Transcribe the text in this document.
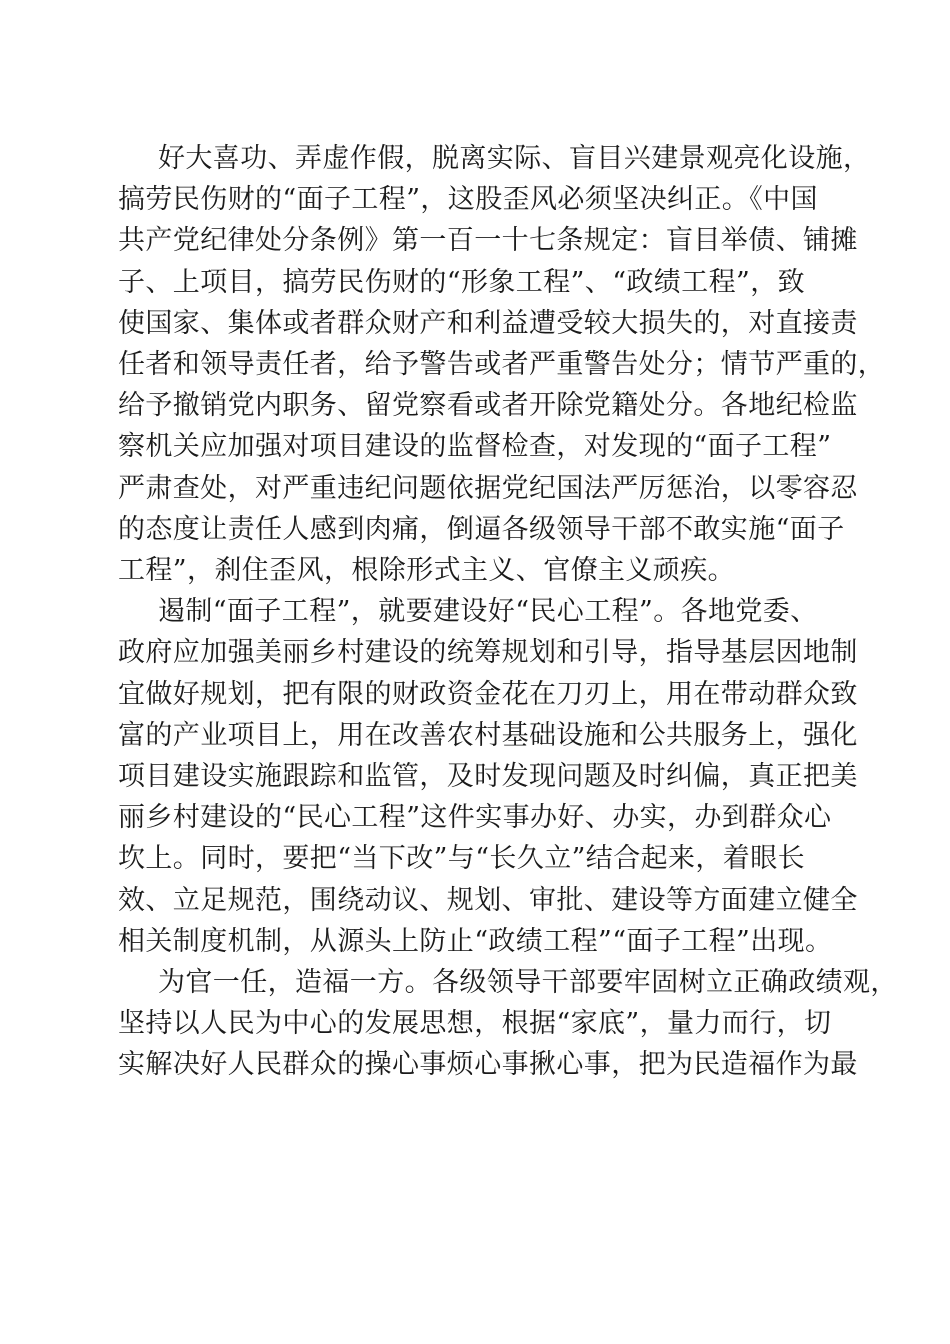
好大喜功、弄虚作假，脱离实际、盲目兴建景观亮化设施，
搞劳民伤财的“面子工程”，这股歪风必须坚决纠正。《中国
共产党纪律处分条例》第一百一十七条规定：盲目举债、铺摊
子、上项目，搞劳民伤财的“形象工程”、“政绩工程”，致
使国家、集体或者群众财产和利益遭受较大损失的，对直接责
任者和领导责任者，给予警告或者严重警告处分；情节严重的，
给予撤销党内职务、留党察看或者开除党籍处分。各地纪检监
察机关应加强对项目建设的监督检查，对发现的“面子工程”
严肃查处，对严重违纪问题依据党纪国法严厉惩治，以零容忍
的态度让责任人感到肉痛，倒逼各级领导干部不敢实施“面子
工程”，刹住歪风，根除形式主义、官僚主义顽疾。
遏制“面子工程”，就要建设好“民心工程”。各地党委、
政府应加强美丽乡村建设的统筹规划和引导，指导基层因地制
宜做好规划，把有限的财政资金花在刀刃上，用在带动群众致
富的产业项目上，用在改善农村基础设施和公共服务上，强化
项目建设实施跟踪和监管，及时发现问题及时纠偏，真正把美
丽乡村建设的“民心工程”这件实事办好、办实，办到群众心
坎上。同时，要把“当下改”与“长久立”结合起来，着眼长
效、立足规范，围绕动议、规划、审批、建设等方面建立健全
相关制度机制，从源头上防止“政绩工程”“面子工程”出现。
为官一任，造福一方。各级领导干部要牢固树立正确政绩观，
坚持以人民为中心的发展思想，根据“家底”，量力而行，切
实解决好人民群众的操心事烦心事揪心事，把为民造福作为最
